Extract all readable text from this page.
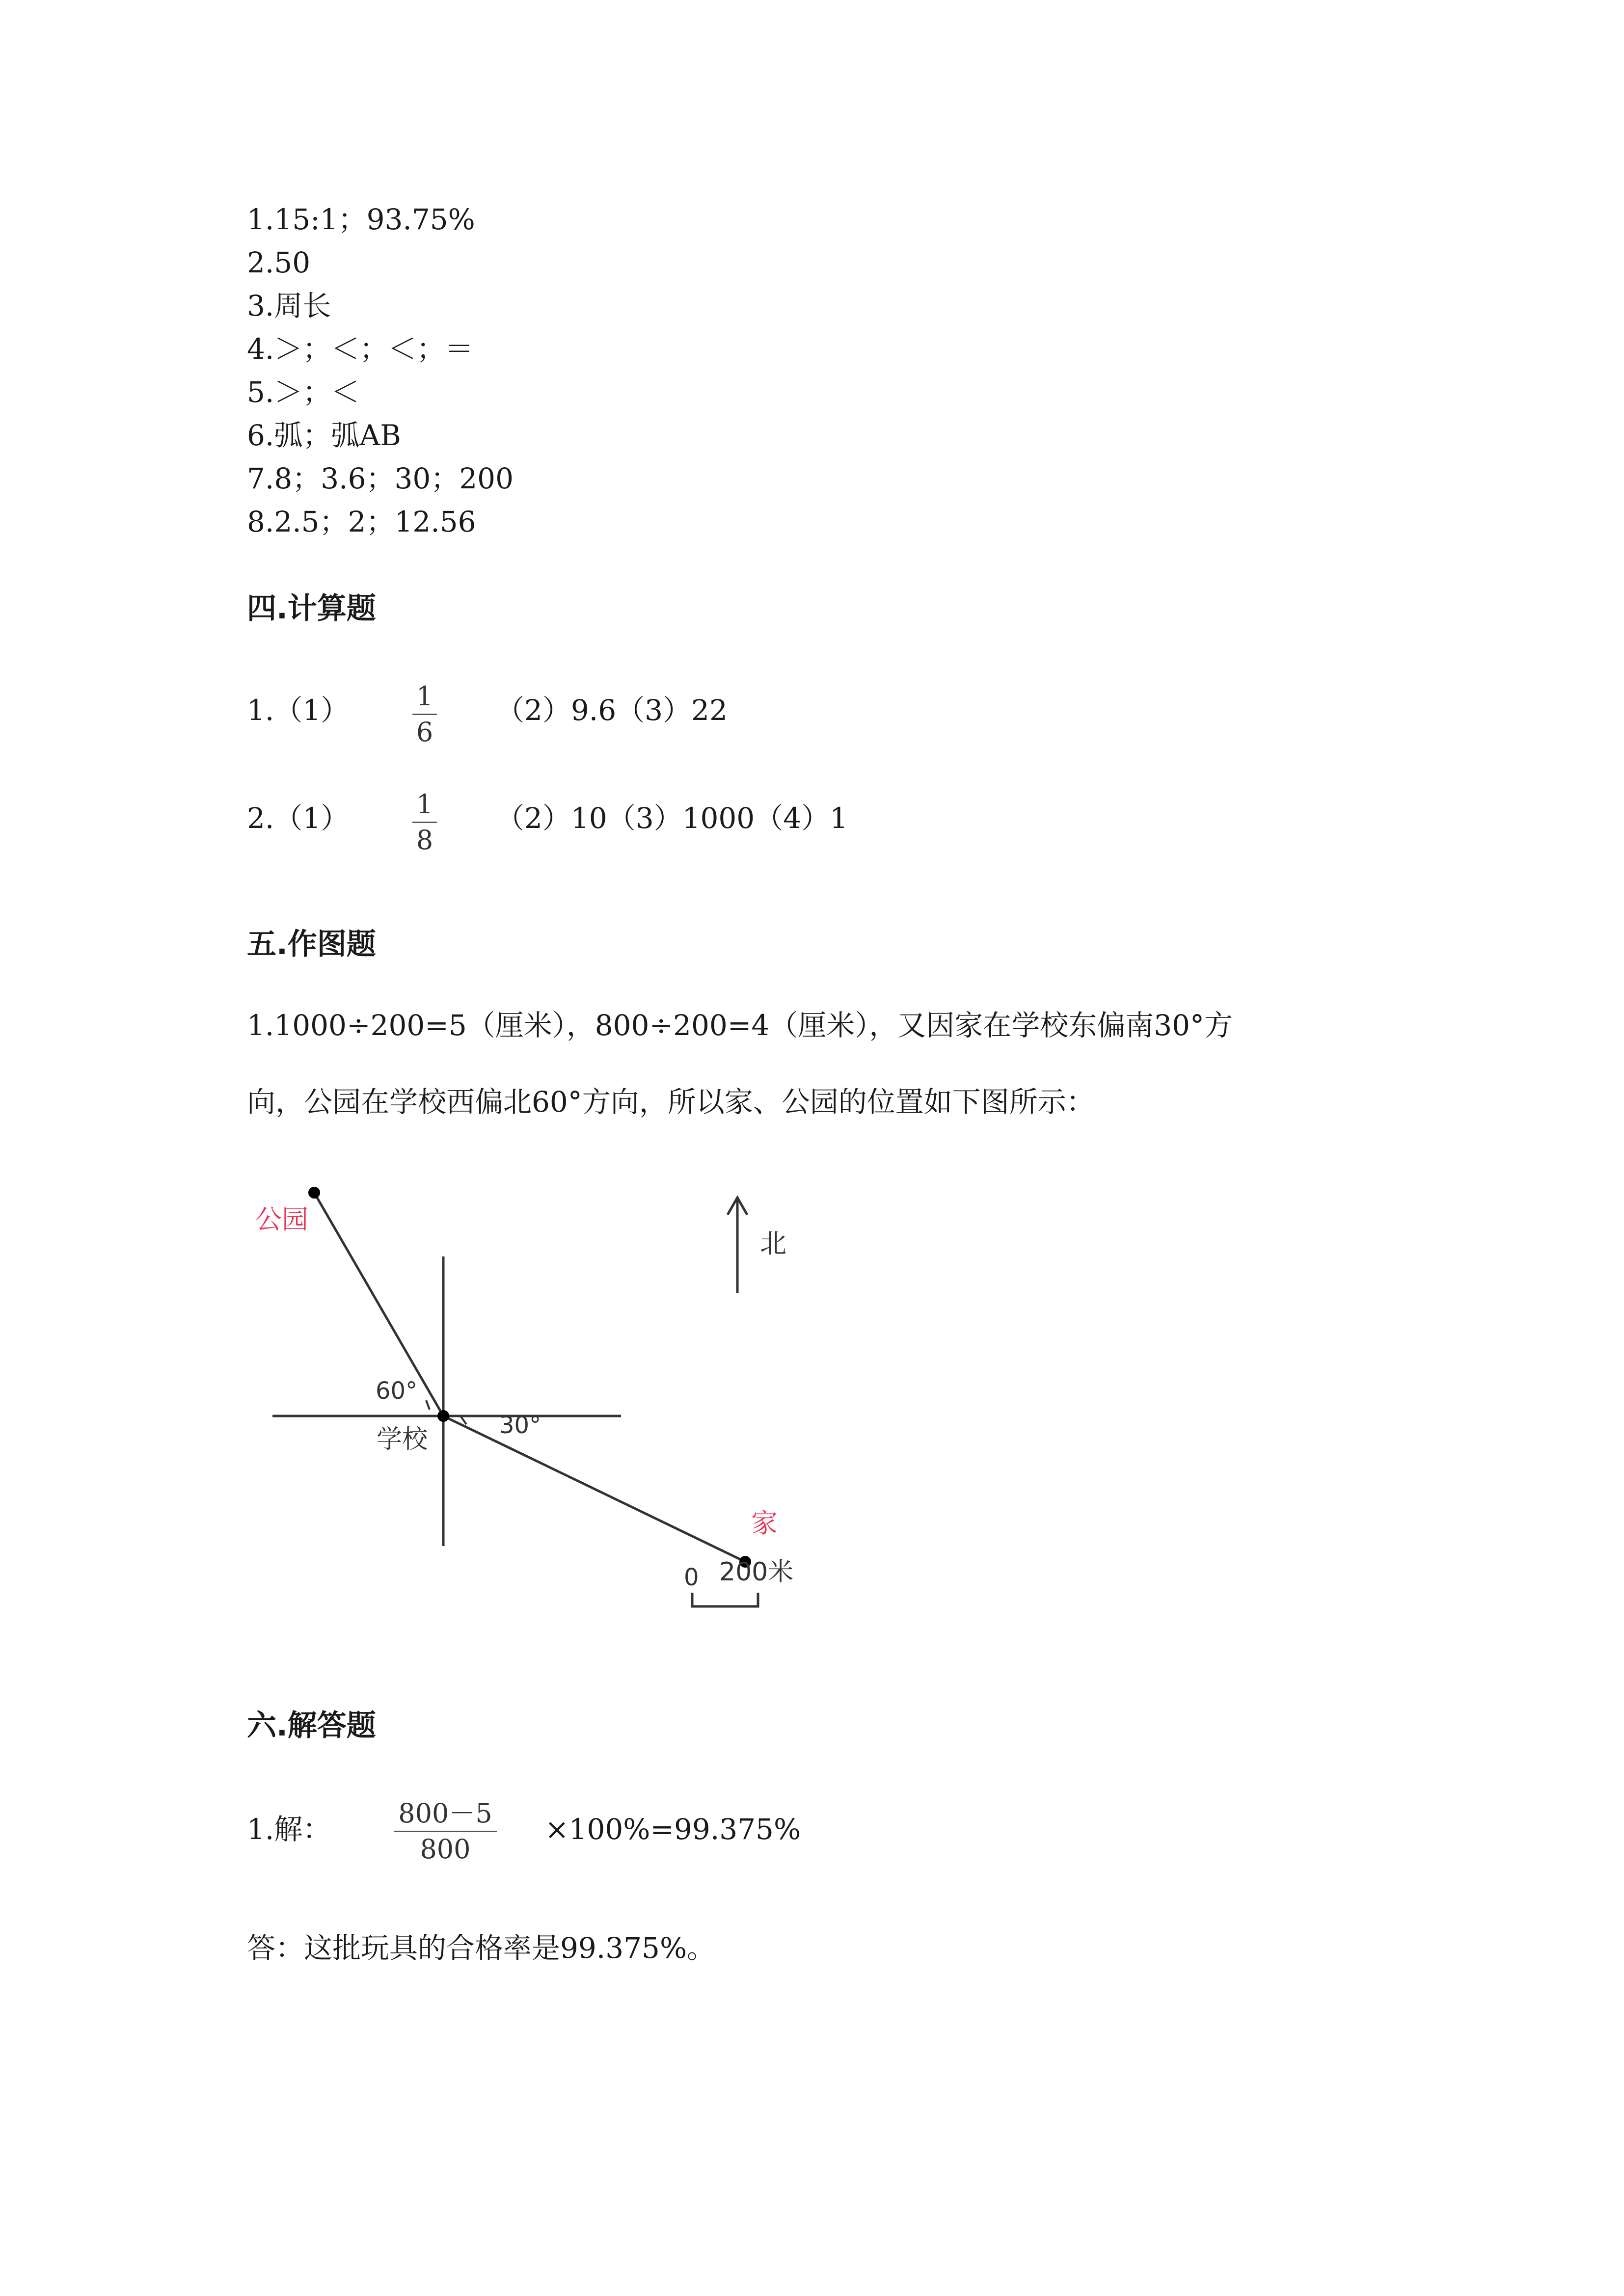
1.15:1；93.75%
2.50
3.周长
4.＞；＜；＜；＝
5.＞；＜
6.弧；弧AB
7.8；3.6；30；200
8.2.5；2；12.56
四.计算题
1.（1）	1
6
（2）9.6（3）22
2.（1）	1
8
（2）10（3）1000（4）1
五.作图题
1.1000÷200=5（厘米），800÷200=4（厘米），又因家在学校东偏南30°方
向，公园在学校西偏北60°方向，所以家、公园的位置如下图所示：
公园
学校
家
北
60°
30°
0 200米
六.解答题
1.解：	800－5
800
×100%=99.375%
答：这批玩具的合格率是99.375%。
